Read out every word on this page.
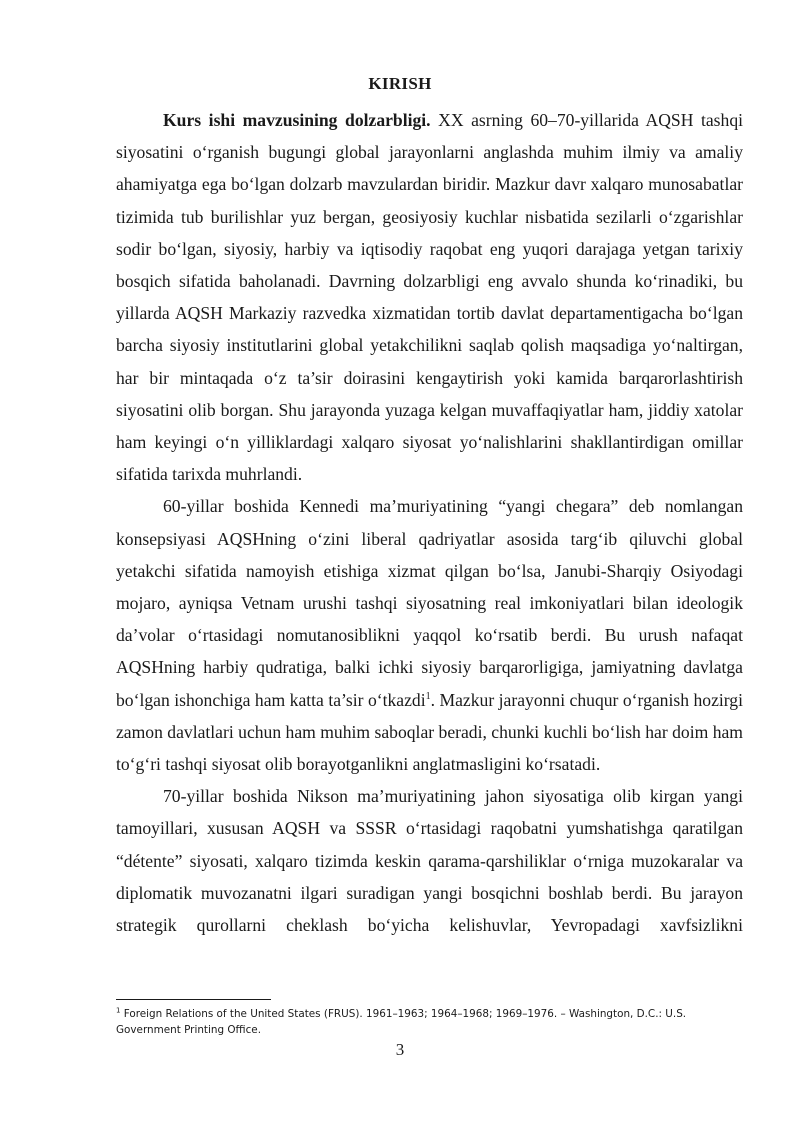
KIRISH

Kurs ishi mavzusining dolzarbligi. XX asrning 60–70-yillarida AQSH tashqi siyosatini o‘rganish bugungi global jarayonlarni anglashda muhim ilmiy va amaliy ahamiyatga ega bo‘lgan dolzarb mavzulardan biridir. Mazkur davr xalqaro munosabatlar tizimida tub burilishlar yuz bergan, geosiyosiy kuchlar nisbatida sezilarli o‘zgarishlar sodir bo‘lgan, siyosiy, harbiy va iqtisodiy raqobat eng yuqori darajaga yetgan tarixiy bosqich sifatida baholanadi. Davrning dolzarbligi eng avvalo shunda ko‘rinadiki, bu yillarda AQSH Markaziy razvedka xizmatidan tortib davlat departamentigacha bo‘lgan barcha siyosiy institutlarini global yetakchilikni saqlab qolish maqsadiga yo‘naltirgan, har bir mintaqada o‘z ta’sir doirasini kengaytirish yoki kamida barqarorlashtirish siyosatini olib borgan. Shu jarayonda yuzaga kelgan muvaffaqiyatlar ham, jiddiy xatolar ham keyingi o‘n yilliklardagi xalqaro siyosat yo‘nalishlarini shakllantirdigan omillar sifatida tarixda muhrlandi.

60-yillar boshida Kennedi ma’muriyatining “yangi chegara” deb nomlangan konsepsiyasi AQSHning o‘zini liberal qadriyatlar asosida targ‘ib qiluvchi global yetakchi sifatida namoyish etishiga xizmat qilgan bo‘lsa, Janubi-Sharqiy Osiyodagi mojaro, ayniqsa Vetnam urushi tashqi siyosatning real imkoniyatlari bilan ideologik da’volar o‘rtasidagi nomutanosiblikni yaqqol ko‘rsatib berdi. Bu urush nafaqat AQSHning harbiy qudratiga, balki ichki siyosiy barqarorligiga, jamiyatning davlatga bo‘lgan ishonchiga ham katta ta’sir o‘tkazdi$^1$. Mazkur jarayonni chuqur o‘rganish hozirgi zamon davlatlari uchun ham muhim saboqlar beradi, chunki kuchli bo‘lish har doim ham to‘g‘ri tashqi siyosat olib borayotganlikni anglatmasligini ko‘rsatadi.

70-yillar boshida Nikson ma’muriyatining jahon siyosatiga olib kirgan yangi tamoyillari, xususan AQSH va SSSR o‘rtasidagi raqobatni yumshatishga qaratilgan “détente” siyosati, xalqaro tizimda keskin qarama-qarshiliklar o‘rniga muzokaralar va diplomatik muvozanatni ilgari suradigan yangi bosqichni boshlab berdi. Bu jarayon strategik qurollarni cheklash bo‘yicha kelishuvlar, Yevropadagi xavfsizlikni

$^1$ Foreign Relations of the United States (FRUS). 1961–1963; 1964–1968; 1969–1976. – Washington, D.C.: U.S. Government Printing Office.
3
